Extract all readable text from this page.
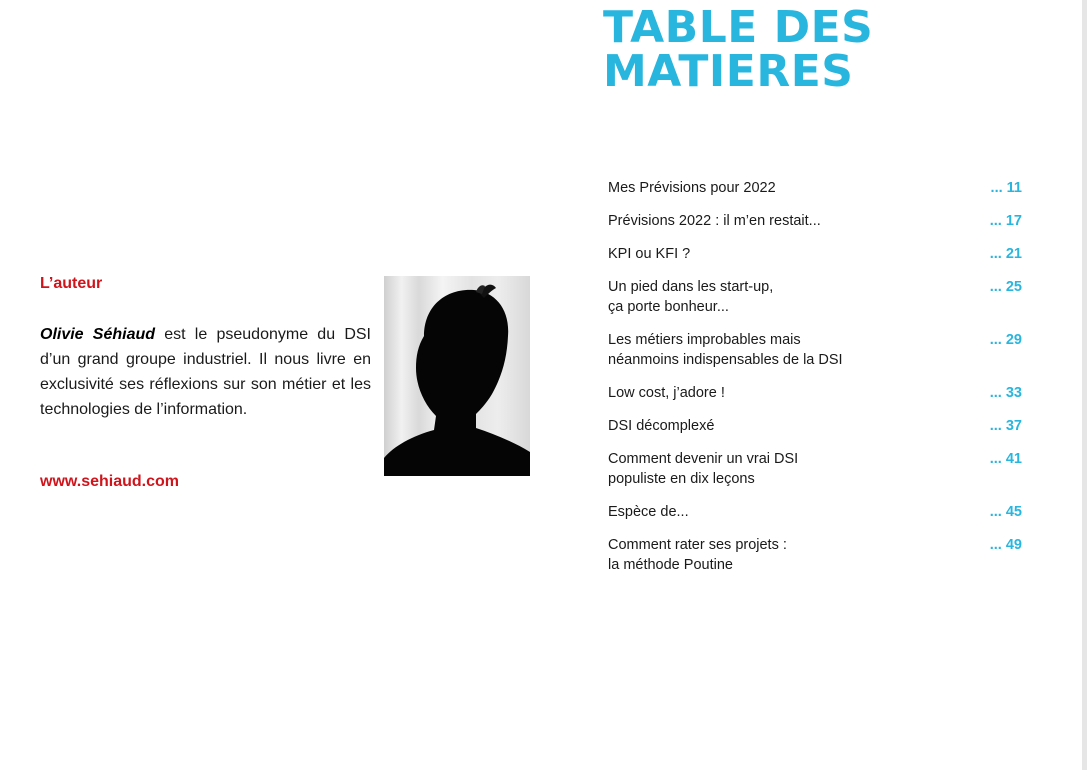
L’auteur
Olivie Séhiaud est le pseudonyme du DSI d’un grand groupe industriel. Il nous livre en exclusivité ses réflexions sur son métier et les technologies de l’information.
www.sehiaud.com
TABLE DES
MATIERES
Mes Prévisions pour 2022	... 11
Prévisions 2022 : il m’en restait...	... 17
KPI ou KFI ?	... 21
Un pied dans les start-up,
ça porte bonheur...
... 25
Les métiers improbables mais
néanmoins indispensables de la DSI
... 29
Low cost, j’adore !	... 33
DSI décomplexé	... 37
Comment devenir un vrai DSI
populiste en dix leçons
... 41
Espèce de...	... 45
Comment rater ses projets :
la méthode Poutine
... 49
